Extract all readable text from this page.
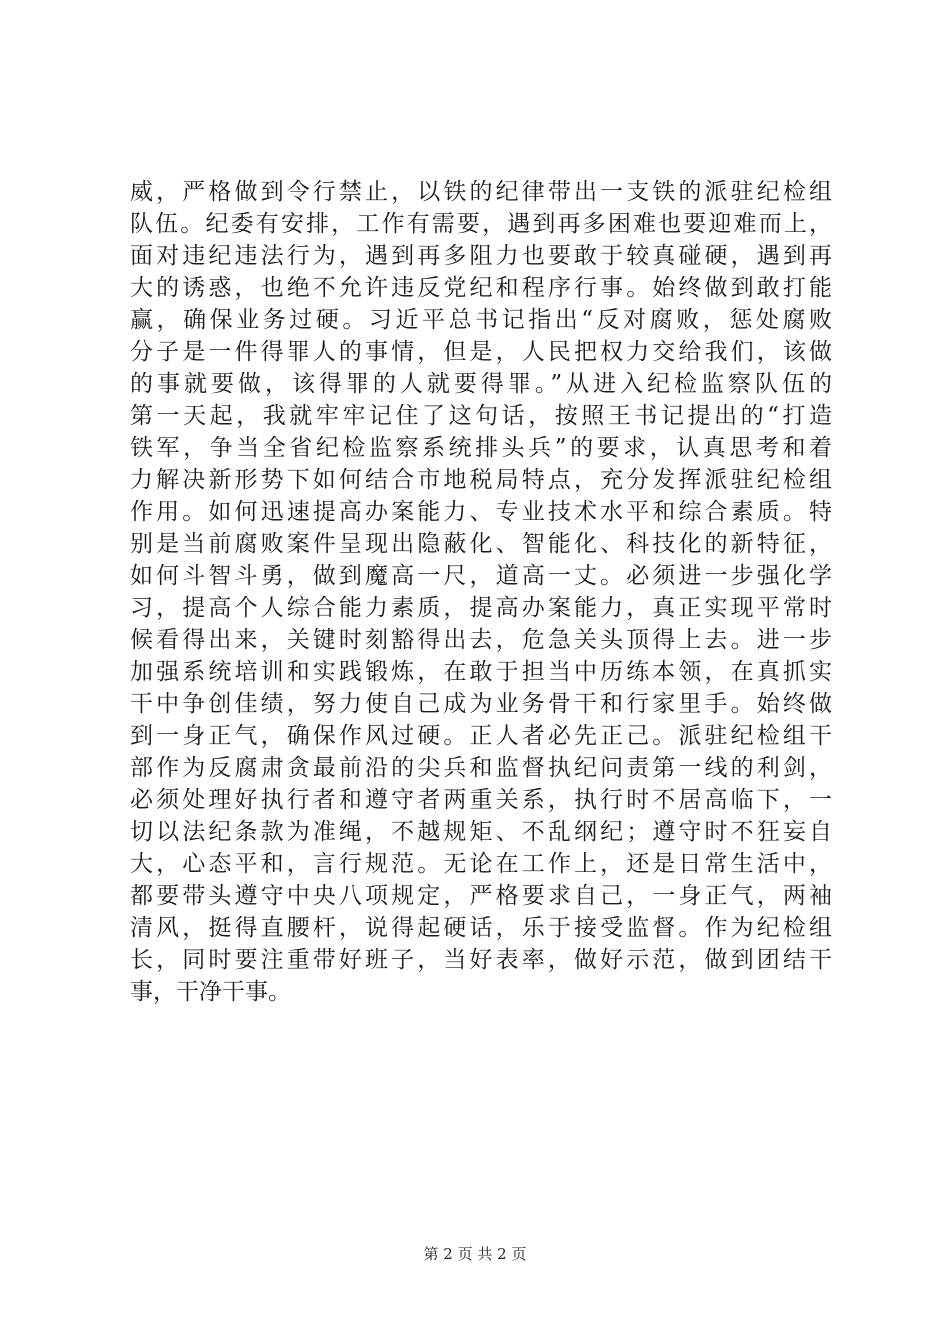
威，严格做到令行禁止，以铁的纪律带出一支铁的派驻纪检组
队伍。纪委有安排，工作有需要，遇到再多困难也要迎难而上，
面对违纪违法行为，遇到再多阻力也要敢于较真碰硬，遇到再
大的诱惑，也绝不允许违反党纪和程序行事。始终做到敢打能
赢，确保业务过硬。习近平总书记指出“反对腐败，惩处腐败
分子是一件得罪人的事情，但是，人民把权力交给我们，该做
的事就要做，该得罪的人就要得罪。”从进入纪检监察队伍的
第一天起，我就牢牢记住了这句话，按照王书记提出的“打造
铁军，争当全省纪检监察系统排头兵”的要求，认真思考和着
力解决新形势下如何结合市地税局特点，充分发挥派驻纪检组
作用。如何迅速提高办案能力、专业技术水平和综合素质。特
别是当前腐败案件呈现出隐蔽化、智能化、科技化的新特征，
如何斗智斗勇，做到魔高一尺，道高一丈。必须进一步强化学
习，提高个人综合能力素质，提高办案能力，真正实现平常时
候看得出来，关键时刻豁得出去，危急关头顶得上去。进一步
加强系统培训和实践锻炼，在敢于担当中历练本领，在真抓实
干中争创佳绩，努力使自己成为业务骨干和行家里手。始终做
到一身正气，确保作风过硬。正人者必先正己。派驻纪检组干
部作为反腐肃贪最前沿的尖兵和监督执纪问责第一线的利剑，
必须处理好执行者和遵守者两重关系，执行时不居高临下，一
切以法纪条款为准绳，不越规矩、不乱纲纪；遵守时不狂妄自
大，心态平和，言行规范。无论在工作上，还是日常生活中，
都要带头遵守中央八项规定，严格要求自己，一身正气，两袖
清风，挺得直腰杆，说得起硬话，乐于接受监督。作为纪检组
长，同时要注重带好班子，当好表率，做好示范，做到团结干
事，干净干事。
第 2 页 共 2 页
